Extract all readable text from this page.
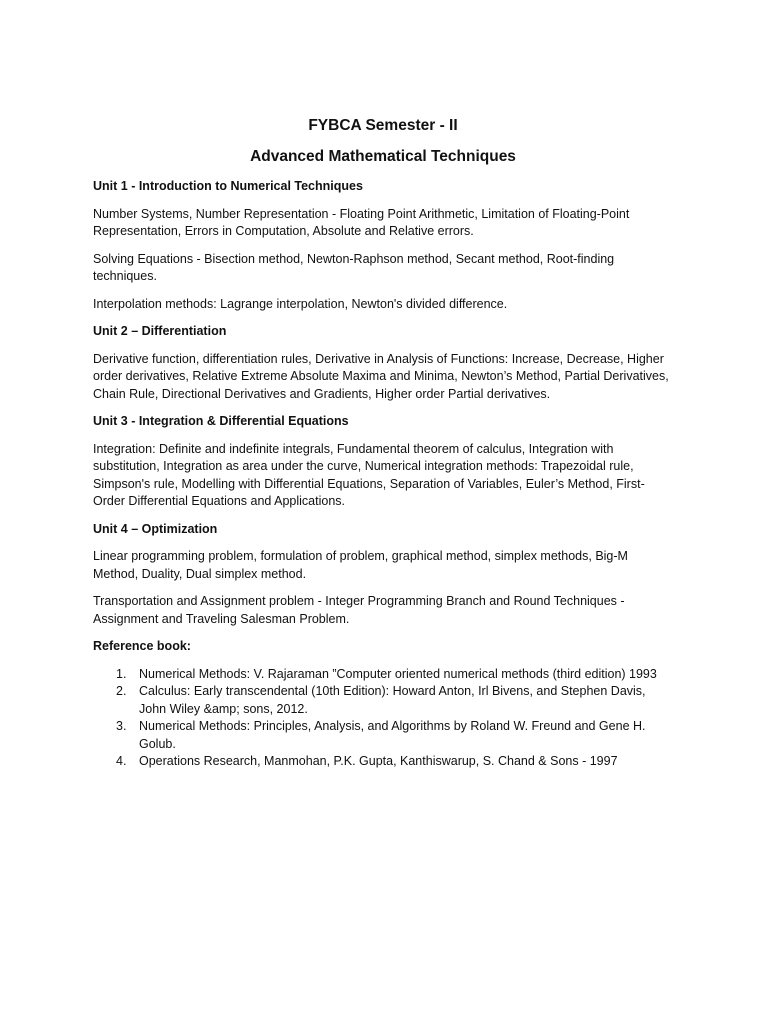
FYBCA Semester - II
Advanced Mathematical Techniques

Unit 1 - Introduction to Numerical Techniques

Number Systems, Number Representation - Floating Point Arithmetic, Limitation of Floating-Point Representation, Errors in Computation, Absolute and Relative errors.

Solving Equations - Bisection method, Newton-Raphson method, Secant method, Root-finding techniques.

Interpolation methods: Lagrange interpolation, Newton's divided difference.

Unit 2 – Differentiation

Derivative function, differentiation rules, Derivative in Analysis of Functions: Increase, Decrease, Higher order derivatives, Relative Extreme Absolute Maxima and Minima, Newton’s Method, Partial Derivatives, Chain Rule, Directional Derivatives and Gradients, Higher order Partial derivatives.

Unit 3 - Integration & Differential Equations

Integration: Definite and indefinite integrals, Fundamental theorem of calculus, Integration with substitution, Integration as area under the curve, Numerical integration methods: Trapezoidal rule, Simpson's rule, Modelling with Differential Equations, Separation of Variables, Euler’s Method, First-Order Differential Equations and Applications.

Unit 4 – Optimization

Linear programming problem, formulation of problem, graphical method, simplex methods, Big-M Method, Duality, Dual simplex method.

Transportation and Assignment problem - Integer Programming Branch and Round Techniques - Assignment and Traveling Salesman Problem.

Reference book:

1. Numerical Methods: V. Rajaraman ”Computer oriented numerical methods (third edition) 1993
2. Calculus: Early transcendental (10th Edition): Howard Anton, Irl Bivens, and Stephen Davis, John Wiley &amp; sons, 2012.
3. Numerical Methods: Principles, Analysis, and Algorithms by Roland W. Freund and Gene H. Golub.
4. Operations Research, Manmohan, P.K. Gupta, Kanthiswarup, S. Chand & Sons - 1997
